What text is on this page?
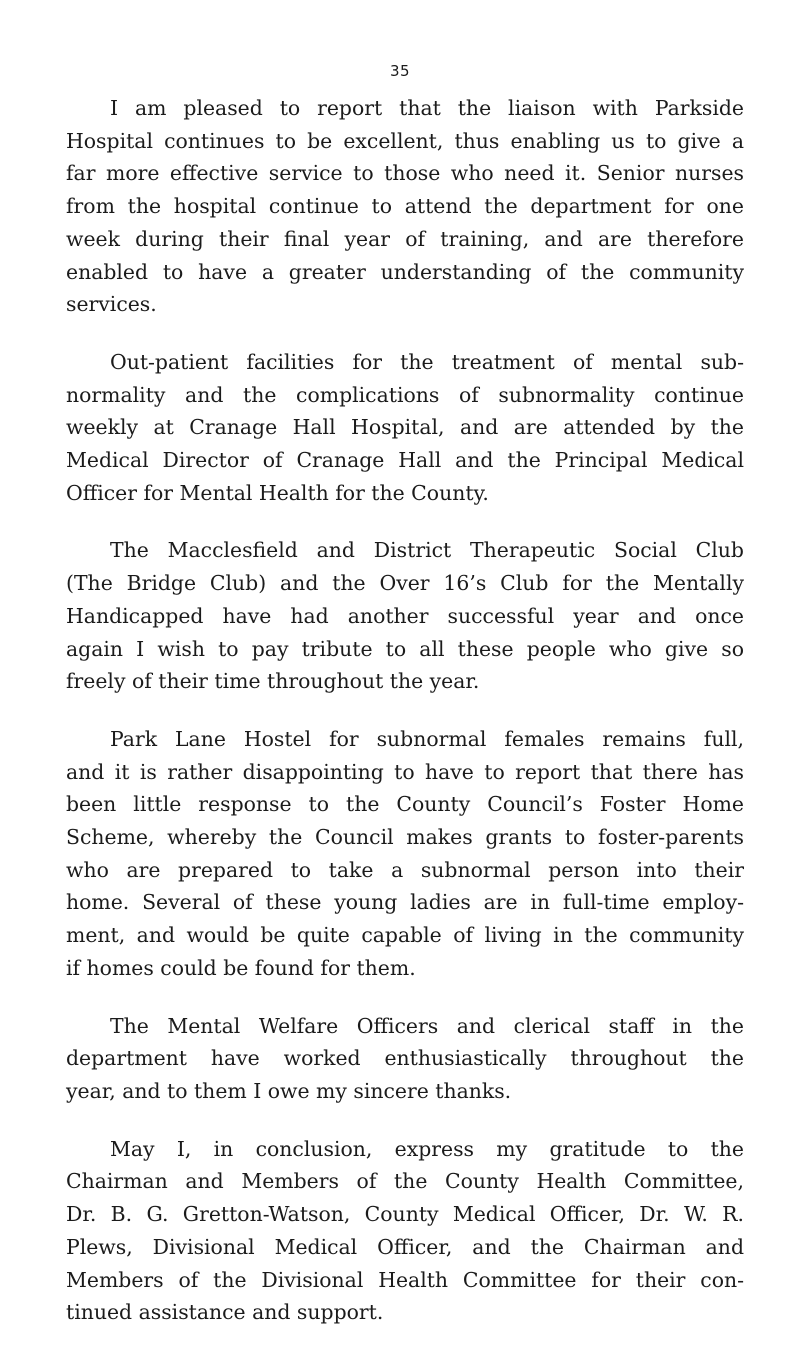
35

I am pleased to report that the liaison with Parkside
Hospital continues to be excellent, thus enabling us to give a
far more effective service to those who need it. Senior nurses
from the hospital continue to attend the department for one
week during their final year of training, and are therefore
enabled to have a greater understanding of the community
services.

Out-patient facilities for the treatment of mental sub-
normality and the complications of subnormality continue
weekly at Cranage Hall Hospital, and are attended by the
Medical Director of Cranage Hall and the Principal Medical
Officer for Mental Health for the County.

The Macclesfield and District Therapeutic Social Club
(The Bridge Club) and the Over 16’s Club for the Mentally
Handicapped have had another successful year and once
again I wish to pay tribute to all these people who give so
freely of their time throughout the year.

Park Lane Hostel for subnormal females remains full,
and it is rather disappointing to have to report that there has
been little response to the County Council’s Foster Home
Scheme, whereby the Council makes grants to foster-parents
who are prepared to take a subnormal person into their
home. Several of these young ladies are in full-time employ-
ment, and would be quite capable of living in the community
if homes could be found for them.

The Mental Welfare Officers and clerical staff in the
department have worked enthusiastically throughout the
year, and to them I owe my sincere thanks.

May I, in conclusion, express my gratitude to the
Chairman and Members of the County Health Committee,
Dr. B. G. Gretton-Watson, County Medical Officer, Dr. W. R.
Plews, Divisional Medical Officer, and the Chairman and
Members of the Divisional Health Committee for their con-
tinued assistance and support.
